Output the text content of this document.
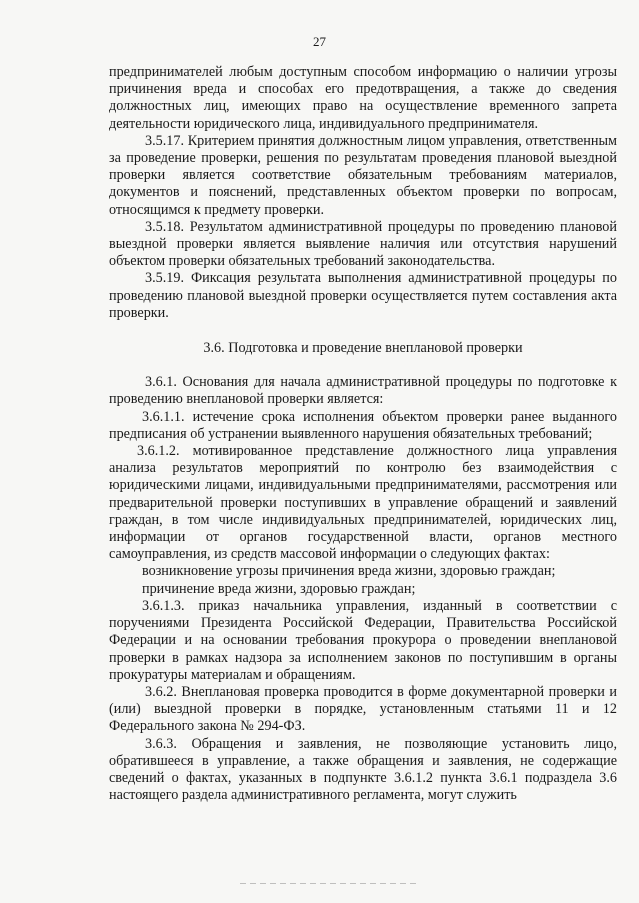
27

предпринимателей любым доступным способом информацию о наличии угрозы причинения вреда и способах его предотвращения, а также до сведения должностных лиц, имеющих право на осуществление временного запрета деятельности юридического лица, индивидуального предпринимателя.

3.5.17. Критерием принятия должностным лицом управления, ответственным за проведение проверки, решения по результатам проведения плановой выездной проверки является соответствие обязательным требованиям материалов, документов и пояснений, представленных объектом проверки по вопросам, относящимся к предмету проверки.

3.5.18. Результатом административной процедуры по проведению плановой выездной проверки является выявление наличия или отсутствия нарушений объектом проверки обязательных требований законодательства.

3.5.19. Фиксация результата выполнения административной процедуры по проведению плановой выездной проверки осуществляется путем составления акта проверки.

3.6. Подготовка и проведение внеплановой проверки

3.6.1. Основания для начала административной процедуры по подготовке к проведению внеплановой проверки является:

3.6.1.1. истечение срока исполнения объектом проверки ранее выданного предписания об устранении выявленного нарушения обязательных требований;

3.6.1.2. мотивированное представление должностного лица управления анализа результатов мероприятий по контролю без взаимодействия с юридическими лицами, индивидуальными предпринимателями, рассмотрения или предварительной проверки поступивших в управление обращений и заявлений граждан, в том числе индивидуальных предпринимателей, юридических лиц, информации от органов государственной власти, органов местного самоуправления, из средств массовой информации о следующих фактах:

возникновение угрозы причинения вреда жизни, здоровью граждан;

причинение вреда жизни, здоровью граждан;

3.6.1.3. приказ начальника управления, изданный в соответствии с поручениями Президента Российской Федерации, Правительства Российской Федерации и на основании требования прокурора о проведении внеплановой проверки в рамках надзора за исполнением законов по поступившим в органы прокуратуры материалам и обращениям.

3.6.2. Внеплановая проверка проводится в форме документарной проверки и (или) выездной проверки в порядке, установленным статьями 11 и 12 Федерального закона № 294-ФЗ.

3.6.3. Обращения и заявления, не позволяющие установить лицо, обратившееся в управление, а также обращения и заявления, не содержащие сведений о фактах, указанных в подпункте 3.6.1.2 пункта 3.6.1 подраздела 3.6 настоящего раздела административного регламента, могут служить
